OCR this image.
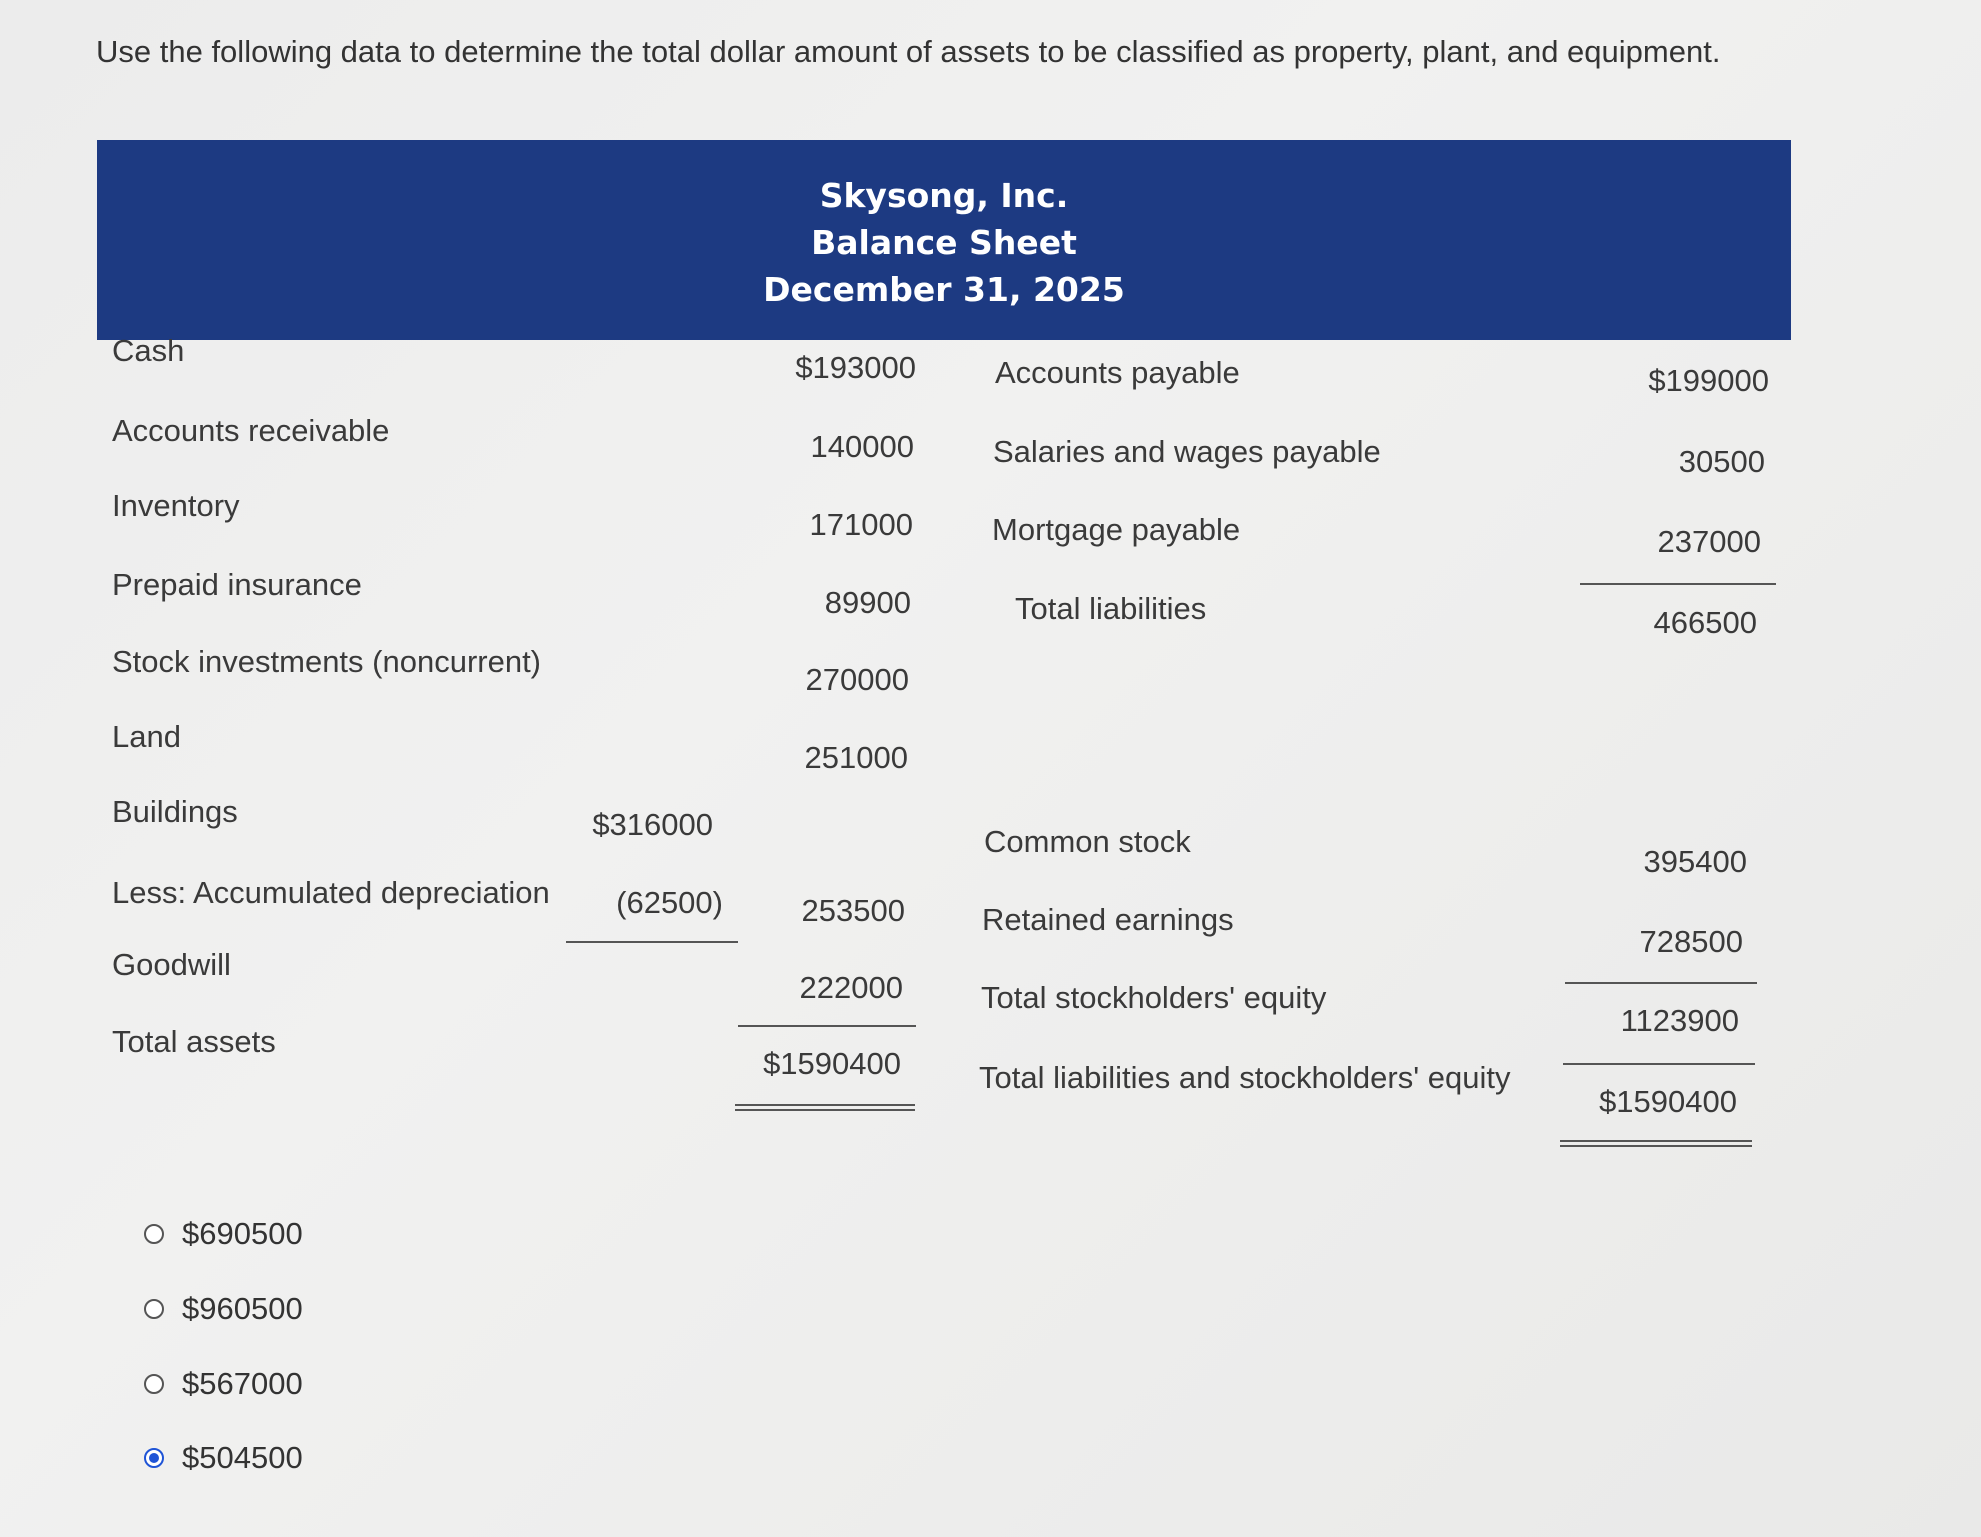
Use the following data to determine the total dollar amount of assets to be classified as property, plant, and equipment.
Skysong, Inc.
Balance Sheet
December 31, 2025
Cash
Accounts receivable
Inventory
Prepaid insurance
Stock investments (noncurrent)
Land
Buildings
Less: Accumulated depreciation
Goodwill
Total assets
$316000
(62500)
$193000
140000
171000
89900
270000
251000
253500
222000
$1590400
Accounts payable
Salaries and wages payable
Mortgage payable
Total liabilities
$199000
30500
237000
466500
Common stock
Retained earnings
Total stockholders' equity
Total liabilities and stockholders' equity
395400
728500
1123900
$1590400
$690500
$960500
$567000
$504500
